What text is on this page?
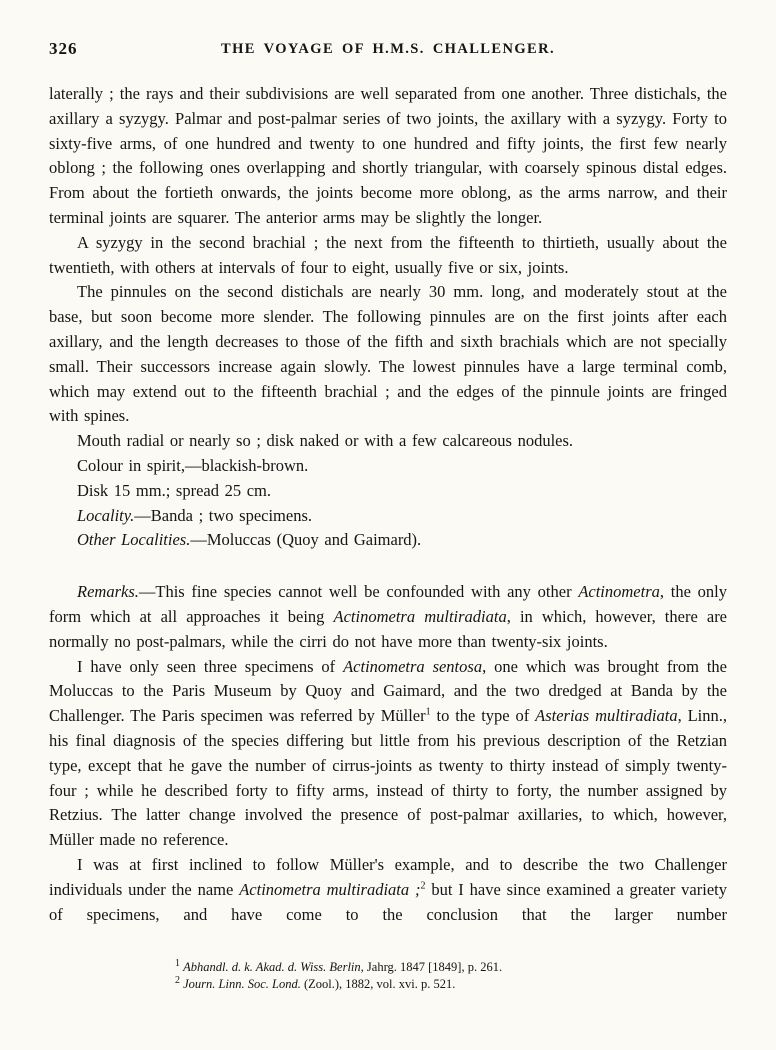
326	THE VOYAGE OF H.M.S. CHALLENGER.

laterally ; the rays and their subdivisions are well separated from one another. Three distichals, the axillary a syzygy. Palmar and post-palmar series of two joints, the axillary with a syzygy. Forty to sixty-five arms, of one hundred and twenty to one hundred and fifty joints, the first few nearly oblong ; the following ones overlapping and shortly triangular, with coarsely spinous distal edges. From about the fortieth onwards, the joints become more oblong, as the arms narrow, and their terminal joints are squarer. The anterior arms may be slightly the longer.

A syzygy in the second brachial ; the next from the fifteenth to thirtieth, usually about the twentieth, with others at intervals of four to eight, usually five or six, joints.

The pinnules on the second distichals are nearly 30 mm. long, and moderately stout at the base, but soon become more slender. The following pinnules are on the first joints after each axillary, and the length decreases to those of the fifth and sixth brachials which are not specially small. Their successors increase again slowly. The lowest pinnules have a large terminal comb, which may extend out to the fifteenth brachial ; and the edges of the pinnule joints are fringed with spines.

Mouth radial or nearly so ; disk naked or with a few calcareous nodules.

Colour in spirit,—blackish-brown.

Disk 15 mm.; spread 25 cm.

Locality.—Banda ; two specimens.

Other Localities.—Moluccas (Quoy and Gaimard).

Remarks.—This fine species cannot well be confounded with any other Actinometra, the only form which at all approaches it being Actinometra multiradiata, in which, however, there are normally no post-palmars, while the cirri do not have more than twenty-six joints.

I have only seen three specimens of Actinometra sentosa, one which was brought from the Moluccas to the Paris Museum by Quoy and Gaimard, and the two dredged at Banda by the Challenger. The Paris specimen was referred by Müller$^1$ to the type of Asterias multiradiata, Linn., his final diagnosis of the species differing but little from his previous description of the Retzian type, except that he gave the number of cirrus-joints as twenty to thirty instead of simply twenty-four ; while he described forty to fifty arms, instead of thirty to forty, the number assigned by Retzius. The latter change involved the presence of post-palmar axillaries, to which, however, Müller made no reference.

I was at first inclined to follow Müller's example, and to describe the two Challenger individuals under the name Actinometra multiradiata ;$^2$ but I have since examined a greater variety of specimens, and have come to the conclusion that the larger number

$^1$ Abhandl. d. k. Akad. d. Wiss. Berlin, Jahrg. 1847 [1849], p. 261.

$^2$ Journ. Linn. Soc. Lond. (Zool.), 1882, vol. xvi. p. 521.
